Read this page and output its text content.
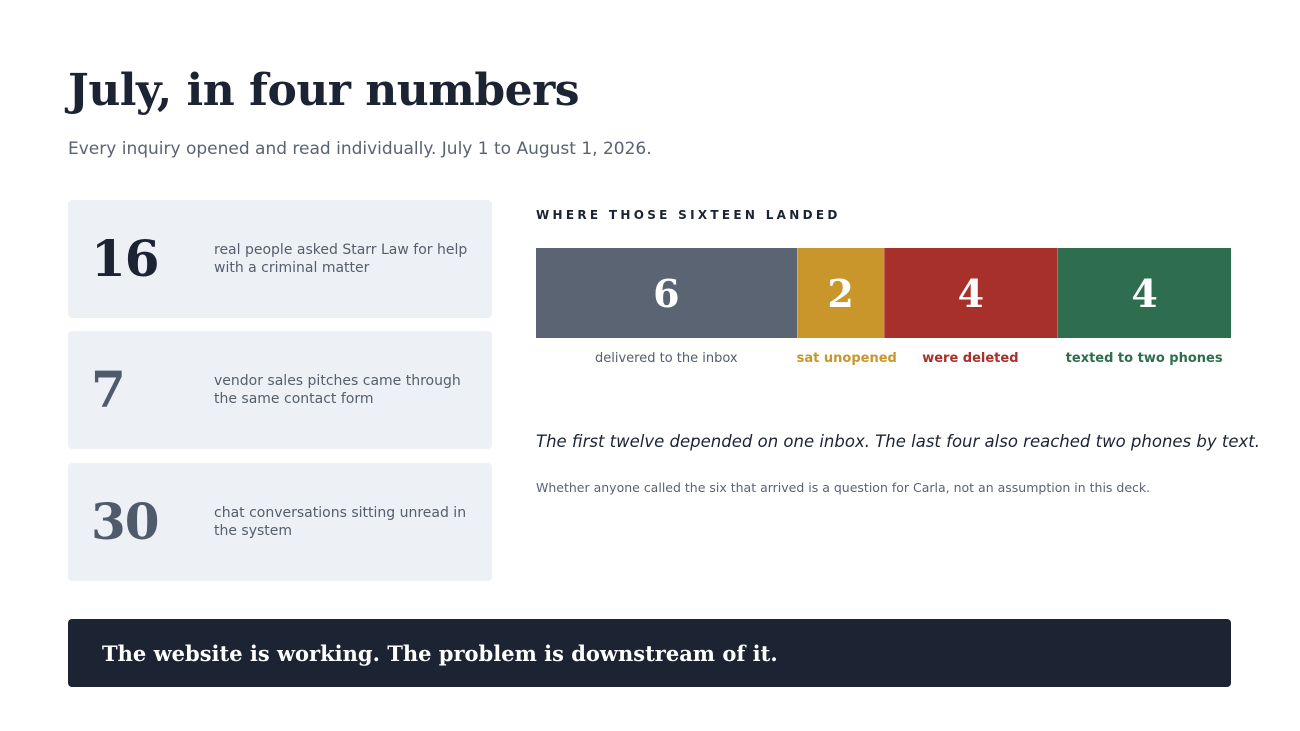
July, in four numbers

Every inquiry opened and read individually. July 1 to August 1, 2026.

16	real people asked Starr Law for help with a criminal matter
7	vendor sales pitches came through the same contact form
30	chat conversations sitting unread in the system

WHERE THOSE SIXTEEN LANDED

6	2	4	4
delivered to the inbox	sat unopened	were deleted	texted to two phones

The first twelve depended on one inbox. The last four also reached two phones by text.

Whether anyone called the six that arrived is a question for Carla, not an assumption in this deck.

The website is working. The problem is downstream of it.
